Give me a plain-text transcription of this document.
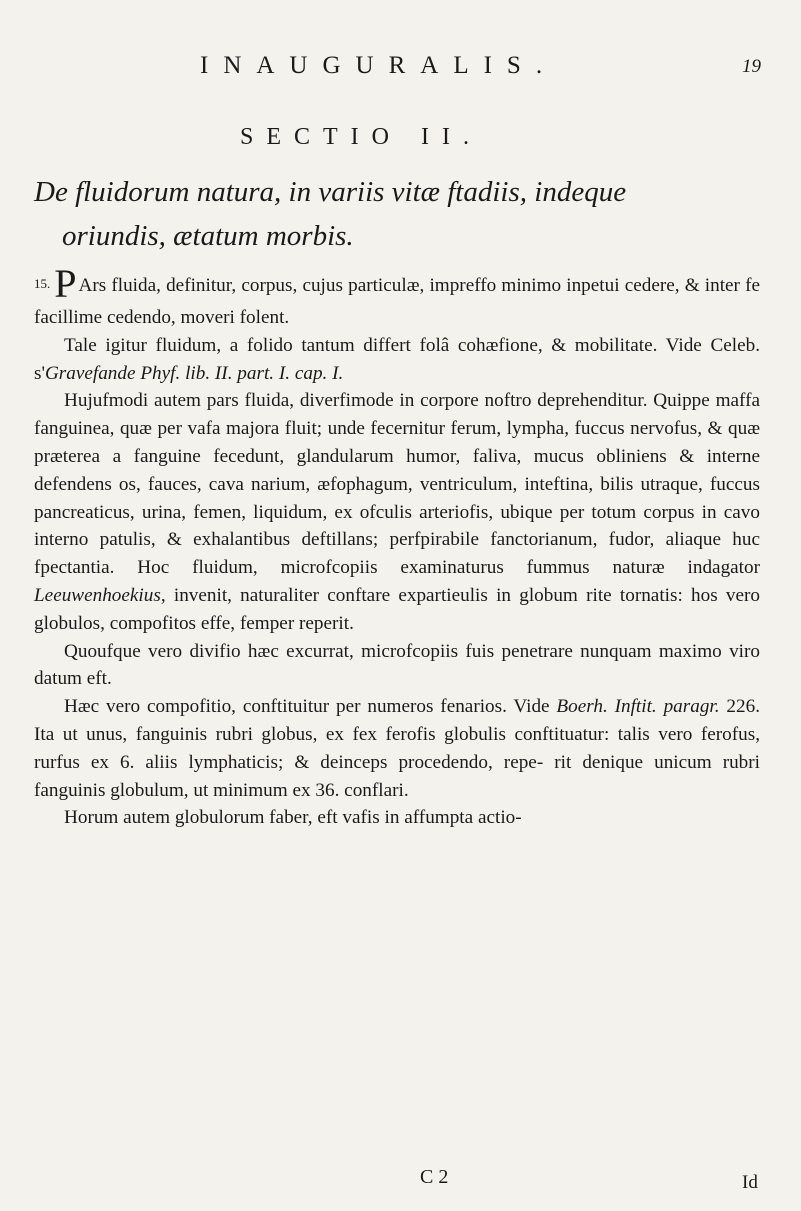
INAUGURALIS.	19
SECTIO II.
De fluidorum natura, in variis vitæ ftadiis, indeque
oriundis, ætatum morbis.

15. P Ars fluida, definitur, corpus, cujus particulæ, impreffo minimo inpetui cedere, & inter fe facillime cedendo, moveri folent.

Tale igitur fluidum, a folido tantum differt folâ cohæfione, & mobilitate. Vide Celeb. s'Gravefande Phyf. lib. II. part. I. cap. I.

Hujufmodi autem pars fluida, diverfimode in corpore noftro deprehenditur. Quippe maffa fanguinea, quæ per vafa majora fluit; unde fecernitur ferum, lympha, fuccus nervofus, & quæ præterea a fanguine fecedunt, glandularum humor, faliva, mucus obliniens & interne defendens os, fauces, cava narium, æfophagum, ventriculum, inteftina, bilis utraque, fuccus pancreaticus, urina, femen, liquidum, ex ofculis arteriofis, ubique per totum corpus in cavo interno patulis, & exhalantibus deftillans; perfpirabile fanctorianum, fudor, aliaque huc fpectantia. Hoc fluidum, microfcopiis examinaturus fummus naturæ indagator Leeuwenhoekius, invenit, naturaliter conftare expartieulis in globum rite tornatis: hos vero globulos, compofitos effe, femper reperit.

Quoufque vero divifio hæc excurrat, microfcopiis fuis penetrare nunquam maximo viro datum eft.

Hæc vero compofitio, conftituitur per numeros fenarios. Vide Boerh. Inftit. paragr. 226. Ita ut unus, fanguinis rubri globus, ex fex ferofis globulis conftituatur: talis vero ferofus, rurfus ex 6. aliis lymphaticis; & deinceps procedendo, repe- rit denique unicum rubri fanguinis globulum, ut minimum ex 36. conflari.

Horum autem globulorum faber, eft vafis in affumpta actio-

C 2	Id
